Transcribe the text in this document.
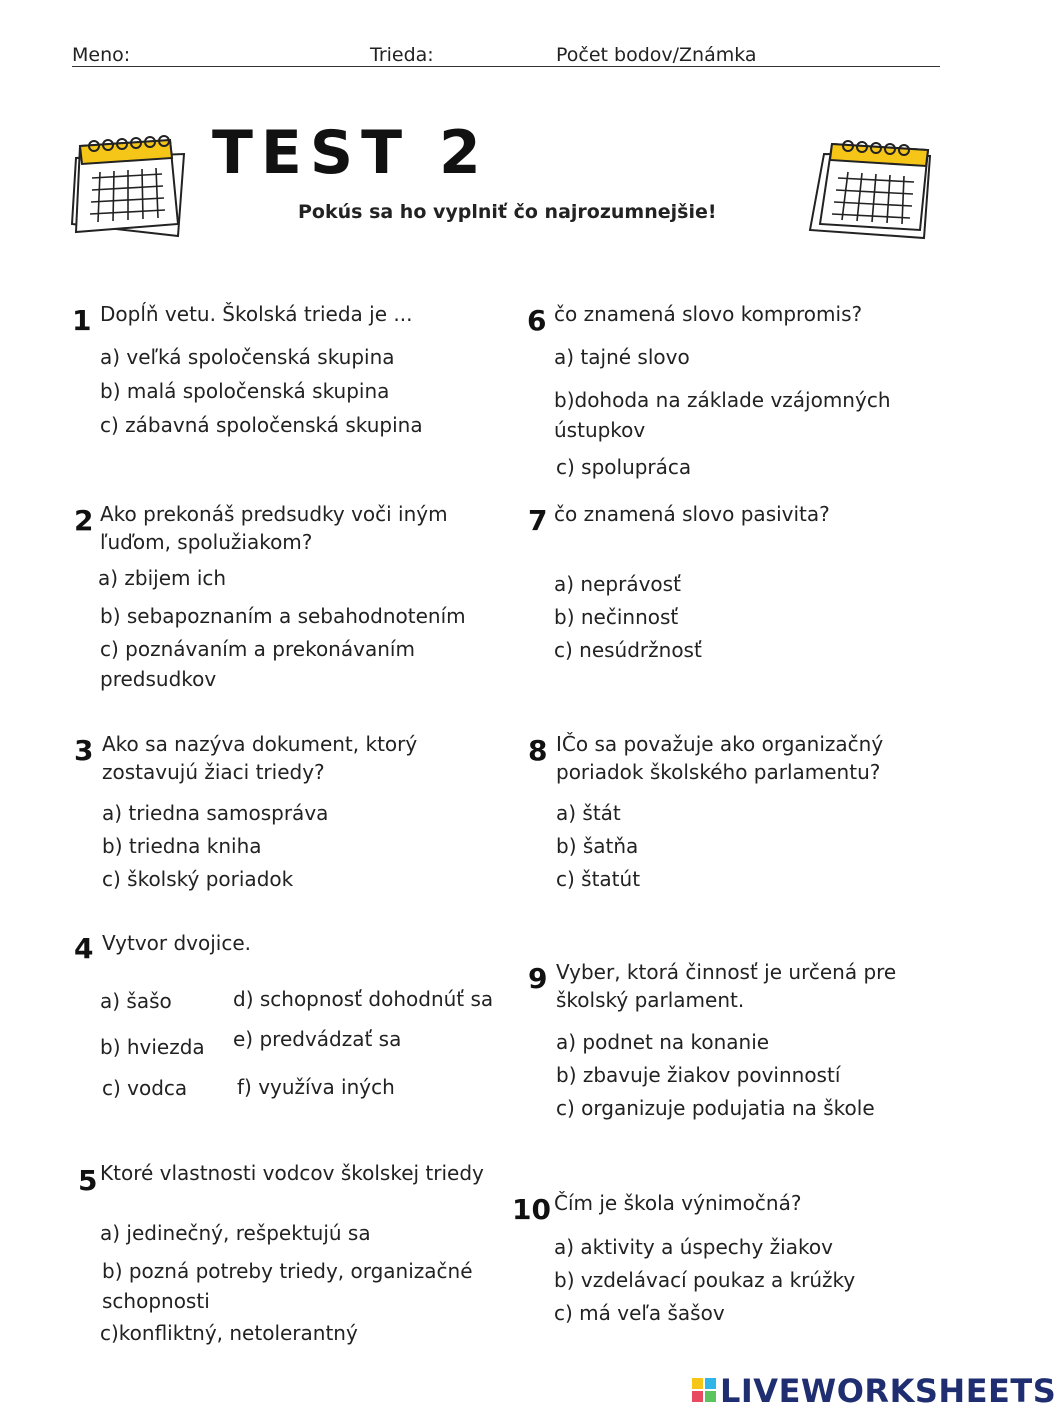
Meno:	Trieda:	Počet bodov/Známka
TEST 2
Pokús sa ho vyplniť čo najrozumnejšie!
1 Dopĺň vetu. Školská trieda je ...
a) veľká spoločenská skupina
b) malá spoločenská skupina
c) zábavná spoločenská skupina
2 Ako prekonáš predsudky voči iným
ľuďom, spolužiakom?
a) zbijem ich
b) sebapoznaním a sebahodnotením
c) poznávaním a prekonávaním
predsudkov
3 Ako sa nazýva dokument, ktorý
zostavujú žiaci triedy?
a) triedna samospráva
b) triedna kniha
c) školský poriadok
4 Vytvor dvojice.
a) šašo
b) hviezda
c) vodca
d) schopnosť dohodnúť sa
e) predvádzať sa
f) využíva iných
5 Ktoré vlastnosti vodcov školskej triedy
a) jedinečný, rešpektujú sa
b) pozná potreby triedy, organizačné
schopnosti
c)konfliktný, netolerantný
6 čo znamená slovo kompromis?
a) tajné slovo
b)dohoda na základe vzájomných
ústupkov
c) spolupráca
7 čo znamená slovo pasivita?
a) neprávosť
b) nečinnosť
c) nesúdržnosť
8 IČo sa považuje ako organizačný
poriadok školského parlamentu?
a) štát
b) šatňa
c) štatút
9 Vyber, ktorá činnosť je určená pre
školský parlament.
a) podnet na konanie
b) zbavuje žiakov povinností
c) organizuje podujatia na škole
10 Čím je škola výnimočná?
a) aktivity a úspechy žiakov
b) vzdelávací poukaz a krúžky
c) má veľa šašov
LIVEWORKSHEETS
